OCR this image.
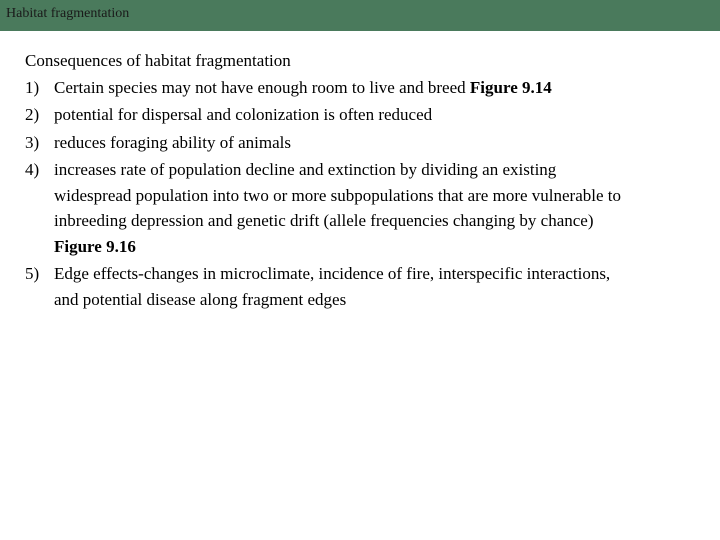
Habitat fragmentation
Consequences of habitat fragmentation
1) Certain species may not have enough room to live and breed Figure 9.14
2) potential for dispersal and colonization is often reduced
3) reduces foraging ability of animals
4) increases rate of population decline and extinction by dividing an existing widespread population into two or more subpopulations that are more vulnerable to inbreeding depression and genetic drift (allele frequencies changing by chance) Figure 9.16
5) Edge effects-changes in microclimate, incidence of fire, interspecific interactions, and potential disease along fragment edges
